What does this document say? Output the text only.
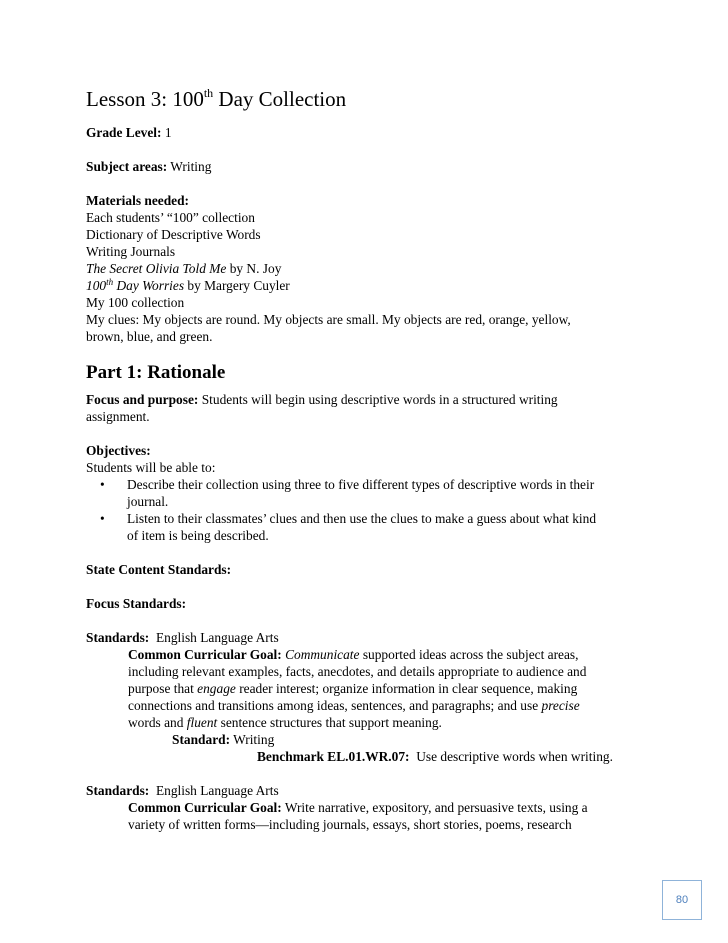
Lesson 3: 100th Day Collection

Grade Level: 1

Subject areas: Writing

Materials needed:

Each students’ “100” collection

Dictionary of Descriptive Words

Writing Journals

The Secret Olivia Told Me by N. Joy

100th Day Worries by Margery Cuyler

My 100 collection

My clues: My objects are round. My objects are small. My objects are red, orange, yellow,

brown, blue, and green.

Part 1: Rationale

Focus and purpose: Students will begin using descriptive words in a structured writing

assignment.

Objectives:

Students will be able to:

• Describe their collection using three to five different types of descriptive words in their
journal.
• Listen to their classmates’ clues and then use the clues to make a guess about what kind
of item is being described.

State Content Standards:

Focus Standards:

Standards:  English Language Arts

Common Curricular Goal: Communicate supported ideas across the subject areas,

including relevant examples, facts, anecdotes, and details appropriate to audience and

purpose that engage reader interest; organize information in clear sequence, making

connections and transitions among ideas, sentences, and paragraphs; and use precise

words and fluent sentence structures that support meaning.

Standard: Writing

Benchmark EL.01.WR.07:  Use descriptive words when writing.

Standards:  English Language Arts

Common Curricular Goal: Write narrative, expository, and persuasive texts, using a

variety of written forms—including journals, essays, short stories, poems, research

80
